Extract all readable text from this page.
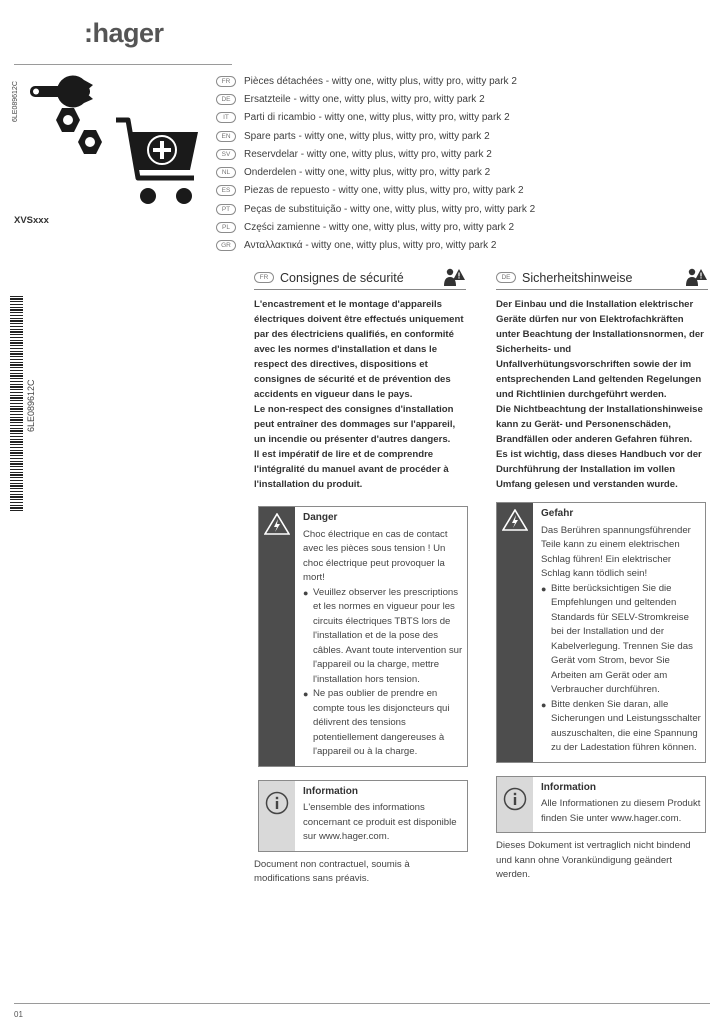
:hager
6LE089612C
XVSxxx
6LE089612C
FR	Pièces détachées - witty one, witty plus, witty pro, witty park 2
DE	Ersatzteile - witty one, witty plus, witty pro, witty park 2
IT	Parti di ricambio - witty one, witty plus, witty pro, witty park 2
EN	Spare parts - witty one, witty plus, witty pro, witty park 2
SV	Reservdelar - witty one, witty plus, witty pro, witty park 2
NL	Onderdelen - witty one, witty plus, witty pro, witty park 2
ES	Piezas de repuesto - witty one, witty plus, witty pro, witty park 2
PT	Peças de substituição - witty one, witty plus, witty pro, witty park 2
PL	Części zamienne - witty one, witty plus, witty pro, witty park 2
GR	Ανταλλακτικά - witty one, witty plus, witty pro, witty park 2
FR Consignes de sécurité

L'encastrement et le montage d'appareils électriques doivent être effectués uniquement par des électriciens qualifiés, en conformité avec les normes d'installation et dans le respect des directives, dispositions et consignes de sécurité et de prévention des accidents en vigueur dans le pays.

Le non-respect des consignes d'installation peut entraîner des dommages sur l'appareil, un incendie ou présenter d'autres dangers.

Il est impératif de lire et de comprendre l'intégralité du manuel avant de procéder à l'installation du produit.

Danger
Choc électrique en cas de contact avec les pièces sous tension ! Un choc électrique peut provoquer la mort!
● Veuillez observer les prescriptions et les normes en vigueur pour les circuits électriques TBTS lors de l'installation et de la pose des câbles. Avant toute intervention sur l'appareil ou la charge, mettre l'installation hors tension.
● Ne pas oublier de prendre en compte tous les disjoncteurs qui délivrent des tensions potentiellement dangereuses à l'appareil ou à la charge.
Information
L'ensemble des informations concernant ce produit est disponible sur www.hager.com.
Document non contractuel, soumis à modifications sans préavis.
DE Sicherheitshinweise

Der Einbau und die Installation elektrischer Geräte dürfen nur von Elektrofachkräften unter Beachtung der Installationsnormen, der Sicherheits- und Unfallverhütungsvorschriften sowie der im entsprechenden Land geltenden Regelungen und Richtlinien durchgeführt werden.

Die Nichtbeachtung der Installationshinweise kann zu Gerät- und Personenschäden, Brandfällen oder anderen Gefahren führen.

Es ist wichtig, dass dieses Handbuch vor der Durchführung der Installation im vollen Umfang gelesen und verstanden wurde.

Gefahr
Das Berühren spannungsführender Teile kann zu einem elektrischen Schlag führen! Ein elektrischer Schlag kann tödlich sein!
● Bitte berücksichtigen Sie die Empfehlungen und geltenden Standards für SELV-Stromkreise bei der Installation und der Kabelverlegung. Trennen Sie das Gerät vom Strom, bevor Sie Arbeiten am Gerät oder am Verbraucher durchführen.
● Bitte denken Sie daran, alle Sicherungen und Leistungsschalter auszuschalten, die eine Spannung zu der Ladestation führen können.
Information
Alle Informationen zu diesem Produkt finden Sie unter www.hager.com.
Dieses Dokument ist vertraglich nicht bindend und kann ohne Vorankündigung geändert werden.
01
